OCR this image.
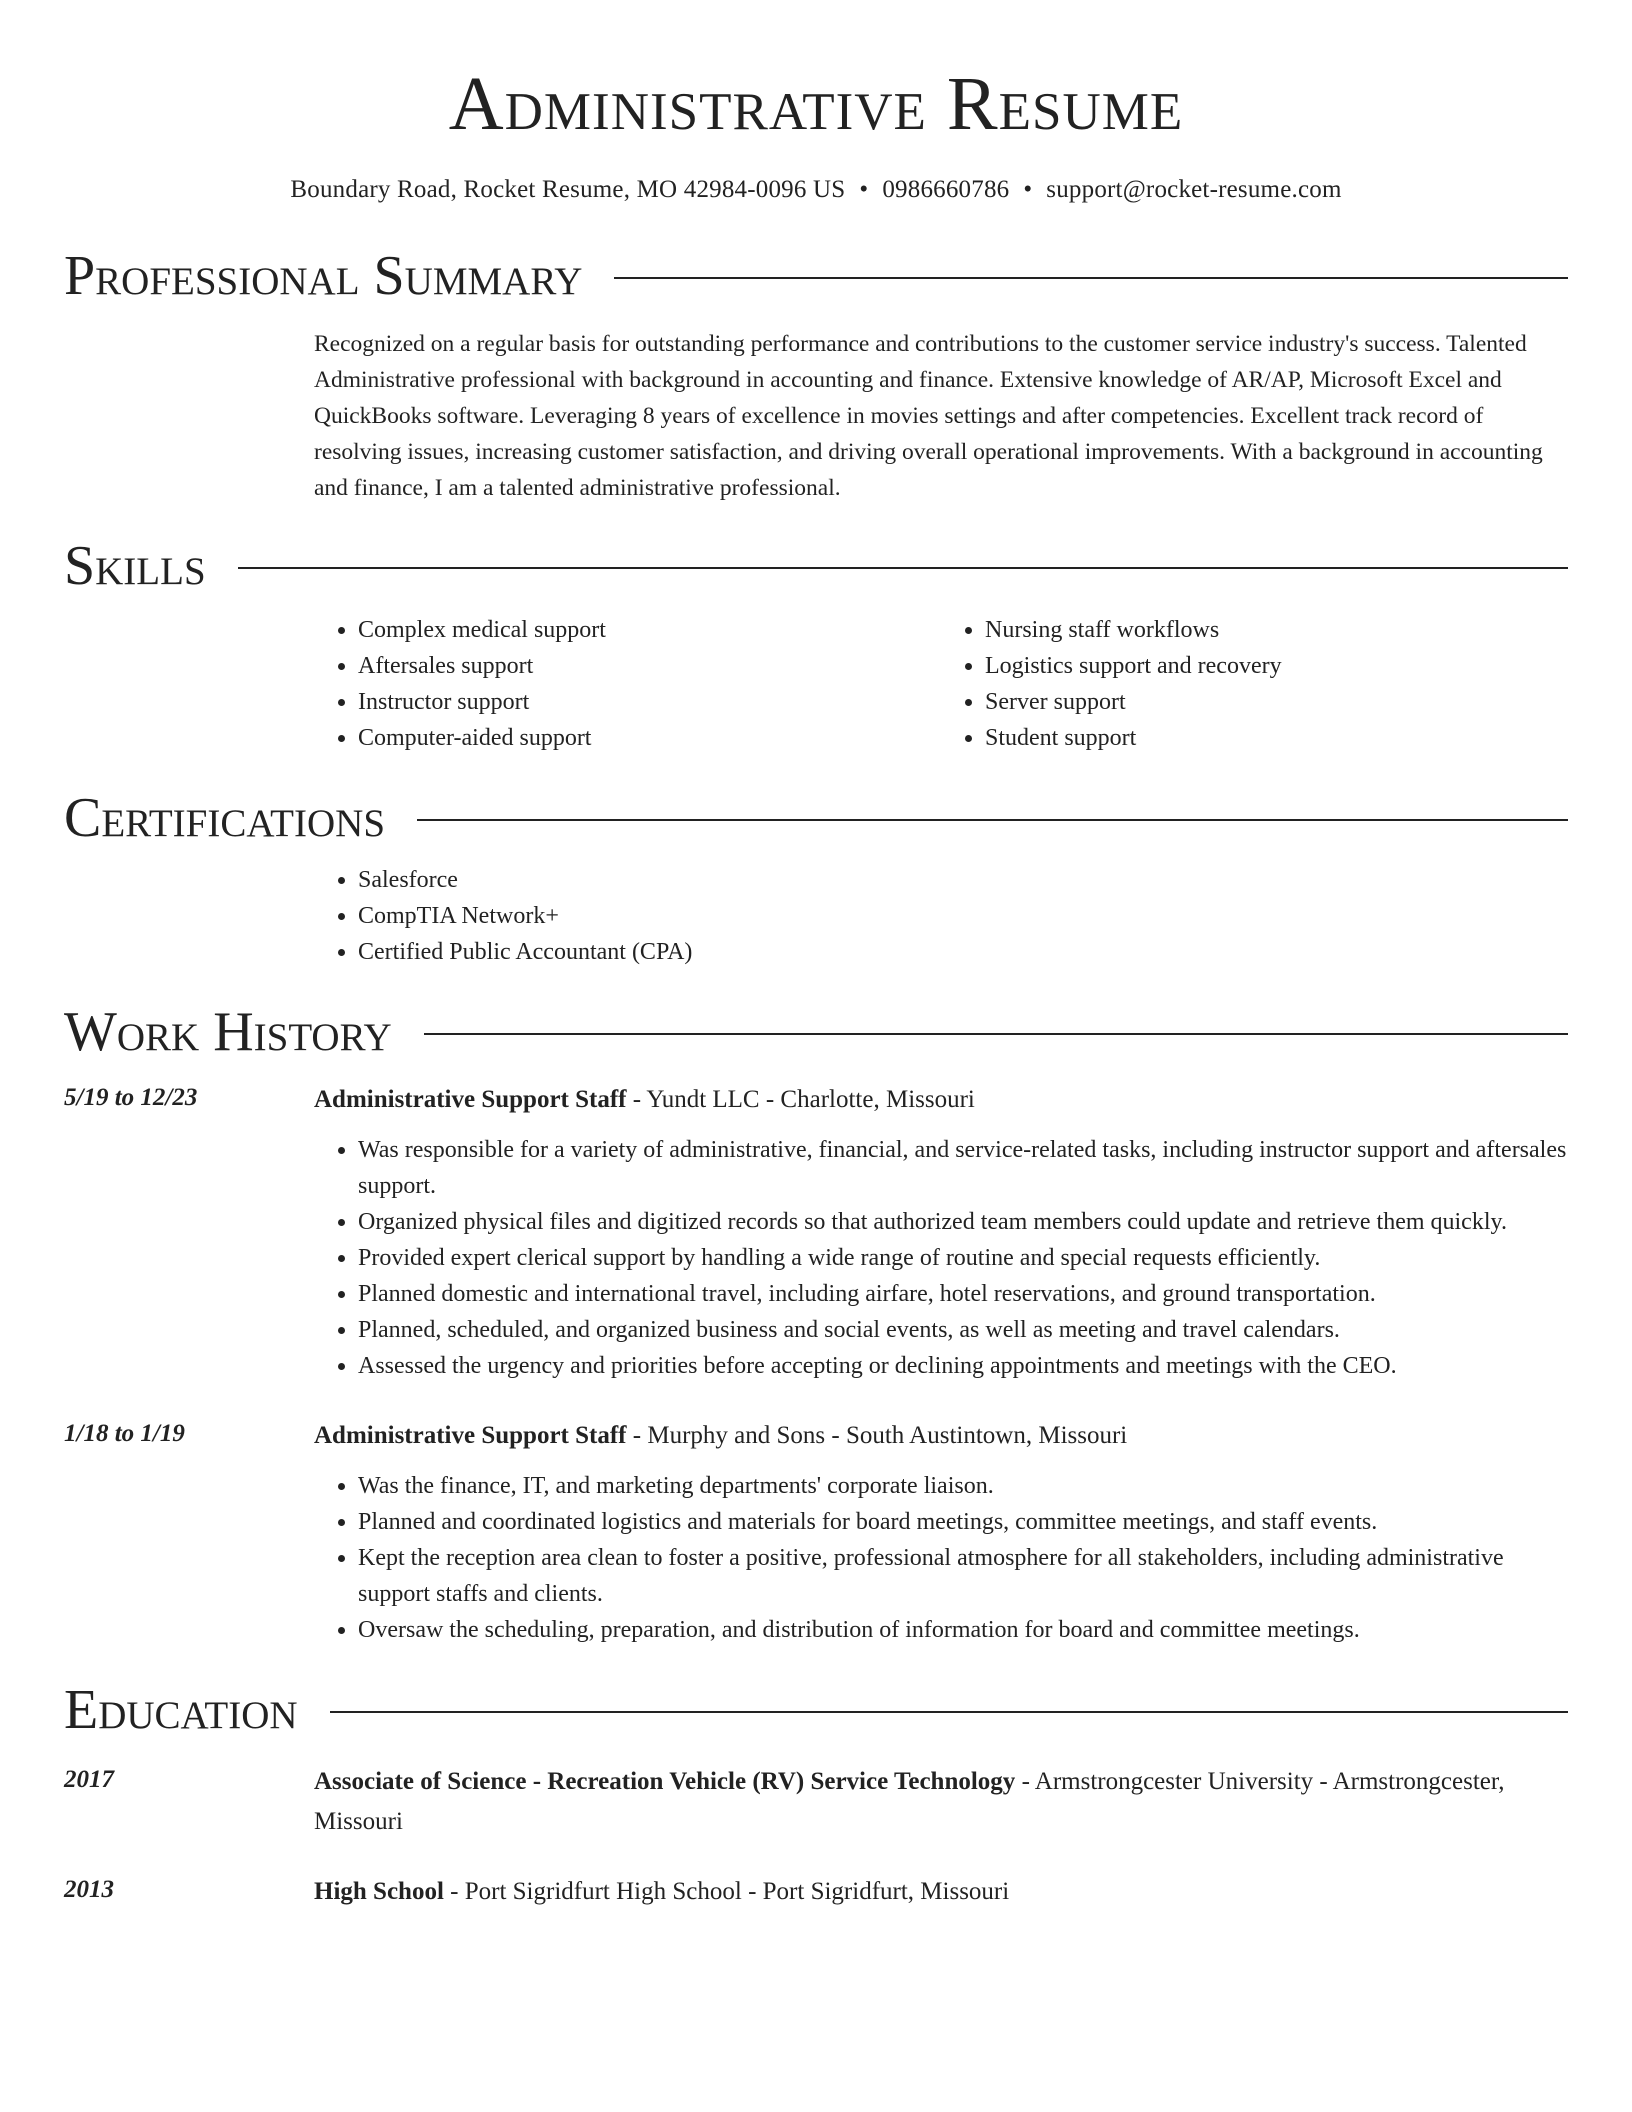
Administrative Resume
Boundary Road, Rocket Resume, MO 42984-0096 US • 0986660786 • support@rocket-resume.com
Professional Summary

Recognized on a regular basis for outstanding performance and contributions to the customer service industry's success. Talented Administrative professional with background in accounting and finance. Extensive knowledge of AR/AP, Microsoft Excel and QuickBooks software. Leveraging 8 years of excellence in movies settings and after competencies. Excellent track record of resolving issues, increasing customer satisfaction, and driving overall operational improvements. With a background in accounting and finance, I am a talented administrative professional.

Skills
• Complex medical support
• Aftersales support
• Instructor support
• Computer-aided support
• Nursing staff workflows
• Logistics support and recovery
• Server support
• Student support
Certifications
• Salesforce
• CompTIA Network+
• Certified Public Accountant (CPA)
Work History
5/19 to 12/23	Administrative Support Staff - Yundt LLC - Charlotte, Missouri
• Was responsible for a variety of administrative, financial, and service-related tasks, including instructor support and aftersales support.
• Organized physical files and digitized records so that authorized team members could update and retrieve them quickly.
• Provided expert clerical support by handling a wide range of routine and special requests efficiently.
• Planned domestic and international travel, including airfare, hotel reservations, and ground transportation.
• Planned, scheduled, and organized business and social events, as well as meeting and travel calendars.
• Assessed the urgency and priorities before accepting or declining appointments and meetings with the CEO.
1/18 to 1/19	Administrative Support Staff - Murphy and Sons - South Austintown, Missouri
• Was the finance, IT, and marketing departments' corporate liaison.
• Planned and coordinated logistics and materials for board meetings, committee meetings, and staff events.
• Kept the reception area clean to foster a positive, professional atmosphere for all stakeholders, including administrative support staffs and clients.
• Oversaw the scheduling, preparation, and distribution of information for board and committee meetings.
Education
2017	Associate of Science - Recreation Vehicle (RV) Service Technology - Armstrongcester University - Armstrongcester, Missouri
2013	High School - Port Sigridfurt High School - Port Sigridfurt, Missouri
